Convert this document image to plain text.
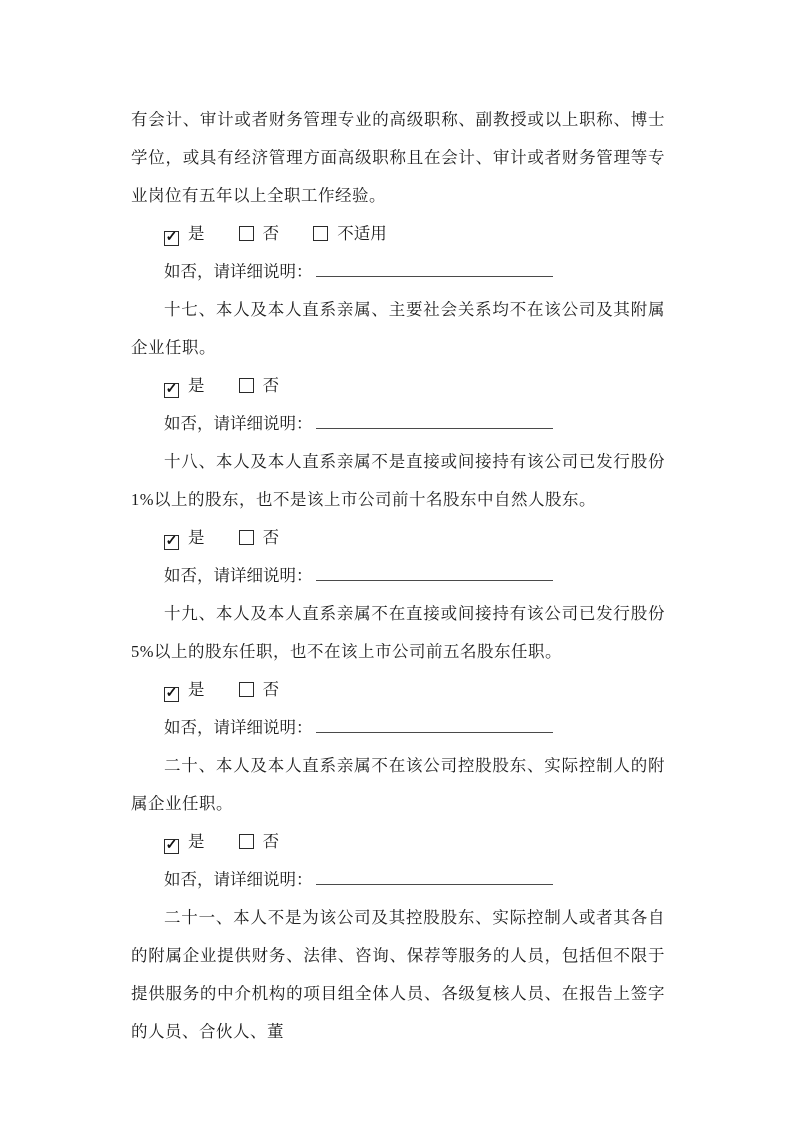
有会计、审计或者财务管理专业的高级职称、副教授或以上职称、博士学位，或具有经济管理方面高级职称且在会计、审计或者财务管理等专业岗位有五年以上全职工作经验。

✓ 是	否	不适用
如否，请详细说明：

十七、本人及本人直系亲属、主要社会关系均不在该公司及其附属企业任职。

✓ 是	否
如否，请详细说明：

十八、本人及本人直系亲属不是直接或间接持有该公司已发行股份 1%以上的股东，也不是该上市公司前十名股东中自然人股东。

✓ 是	否
如否，请详细说明：

十九、本人及本人直系亲属不在直接或间接持有该公司已发行股份 5%以上的股东任职，也不在该上市公司前五名股东任职。

✓ 是	否
如否，请详细说明：

二十、本人及本人直系亲属不在该公司控股股东、实际控制人的附属企业任职。

✓ 是	否
如否，请详细说明：

二十一、本人不是为该公司及其控股股东、实际控制人或者其各自的附属企业提供财务、法律、咨询、保荐等服务的人员，包括但不限于提供服务的中介机构的项目组全体人员、各级复核人员、在报告上签字的人员、合伙人、董
